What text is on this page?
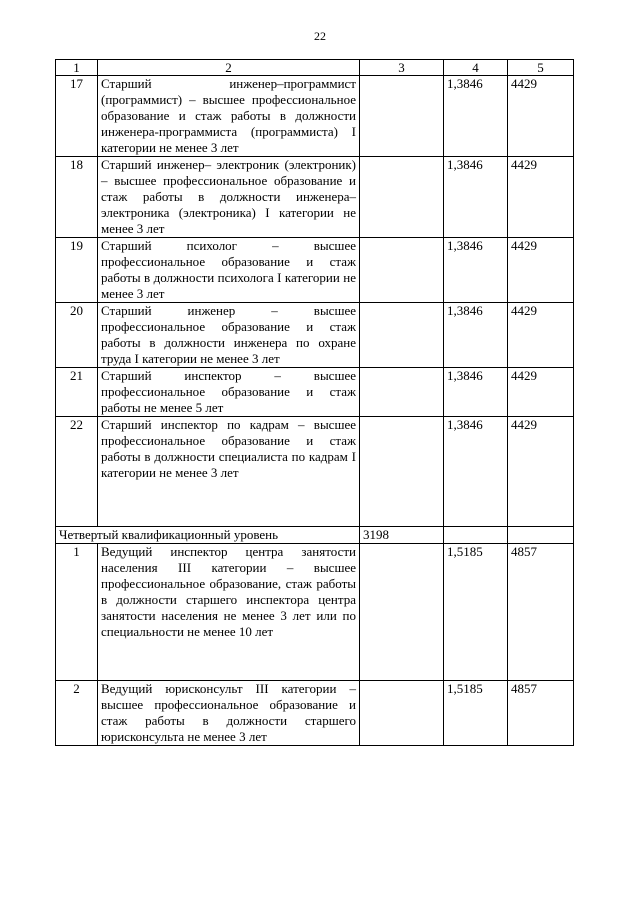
22
1	2	3	4	5
17	Старший инженер–программист (программист) – высшее профессиональное образование и стаж работы в должности инженера-программиста (программиста) I категории не менее 3 лет		1,3846	4429
18	Старший инженер– электроник (электроник) – высшее профессиональное образование и стаж работы в должности инженера–электроника (электроника) I категории не менее 3 лет		1,3846	4429
19	Старший психолог – высшее профессиональное образование и стаж работы в должности психолога I категории не менее 3 лет		1,3846	4429
20	Старший инженер – высшее профессиональное образование и стаж работы в должности инженера по охране труда I категории не менее 3 лет		1,3846	4429
21	Старший инспектор – высшее профессиональное образование и стаж работы не менее 5 лет		1,3846	4429
22	Старший инспектор по кадрам – высшее профессиональное образование и стаж работы в должности специалиста по кадрам I категории не менее 3 лет		1,3846	4429
Четвертый квалификационный уровень		3198		
1	Ведущий инспектор центра занятости населения III категории – высшее профессиональное образование, стаж работы в должности старшего инспектора центра занятости населения не менее 3 лет или по специальности не менее 10 лет		1,5185	4857
2	Ведущий юрисконсульт III категории – высшее профессиональное образование и стаж работы в должности старшего юрисконсульта не менее 3 лет		1,5185	4857
